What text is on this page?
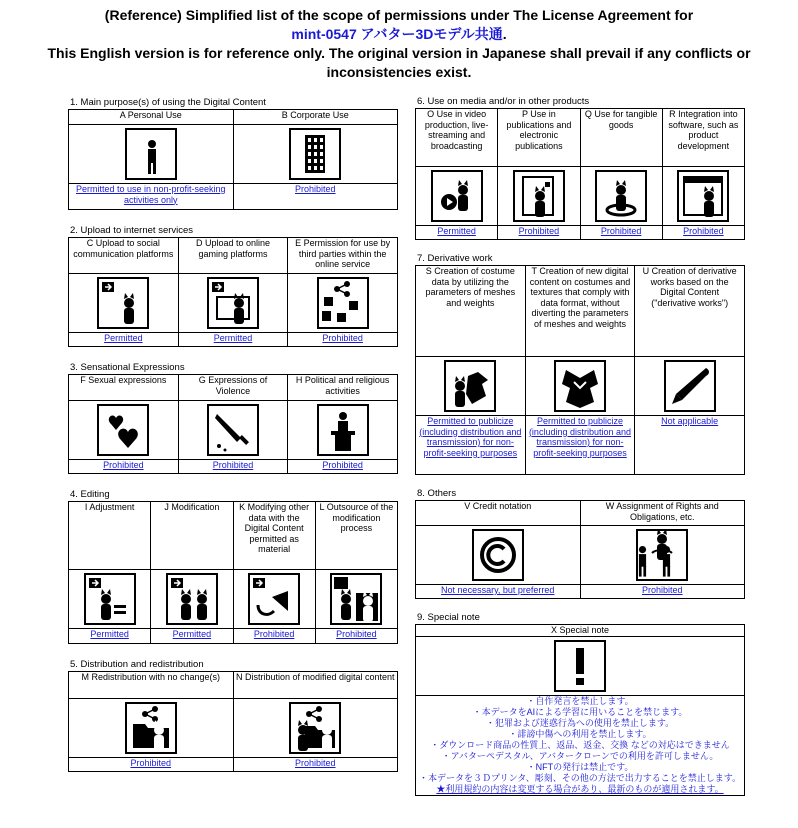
(Reference) Simplified list of the scope of permissions under The License Agreement for
mint-0547 アバター3Dモデル共通.
This English version is for reference only. The original version in Japanese shall prevail if any conflicts or
inconsistencies exist.
1. Main purpose(s) of using the Digital Content
A Personal Use	B Corporate Use

Permitted to use in non-profit-seeking activities only	Prohibited
2. Upload to internet services
C Upload to social communication platforms	D Upload to online gaming platforms	E Permission for use by third parties within the online service

Permitted	Permitted	Prohibited
3. Sensational Expressions
F Sexual expressions	G Expressions of Violence	H Political and religious activities

Prohibited	Prohibited	Prohibited
4. Editing
I Adjustment	J Modification	K Modifying other data with the Digital Content permitted as material	L Outsource of the modification process

Permitted	Permitted	Prohibited	Prohibited
5. Distribution and redistribution
M Redistribution with no change(s)	N Distribution of modified digital content

Prohibited	Prohibited
6. Use on media and/or in other products
O Use in video production, live-streaming and broadcasting	P Use in publications and electronic publications	Q Use for tangible goods	R Integration into software, such as product development

Permitted	Prohibited	Prohibited	Prohibited
7. Derivative work
S Creation of costume data by utilizing the parameters of meshes and weights	T Creation of new digital content on costumes and textures that comply with data format, without diverting the parameters of meshes and weights	U Creation of derivative works based on the Digital Content ("derivative works")

Permitted to publicize (including distribution and transmission) for non-profit-seeking purposes	Permitted to publicize (including distribution and transmission) for non-profit-seeking purposes	Not applicable
8. Others
V Credit notation	W Assignment of Rights and Obligations, etc.

Not necessary, but preferred	Prohibited
9. Special note
X Special note

・自作発言を禁止します。
・本データをAIによる学習に用いることを禁じます。
・犯罪および迷惑行為への使用を禁止します。
・誹謗中傷への利用を禁止します。
・ダウンロード商品の性質上、返品、返金、交換 などの対応はできません
・アバターペデスタル、アバタークローンでの利用を許可しません。
・NFTの発行は禁止です。
・本データを３Ｄプリンタ、彫刻、その他の方法で出力することを禁止します。
★利用規約の内容は変更する場合があり、最新のものが適用されます。
